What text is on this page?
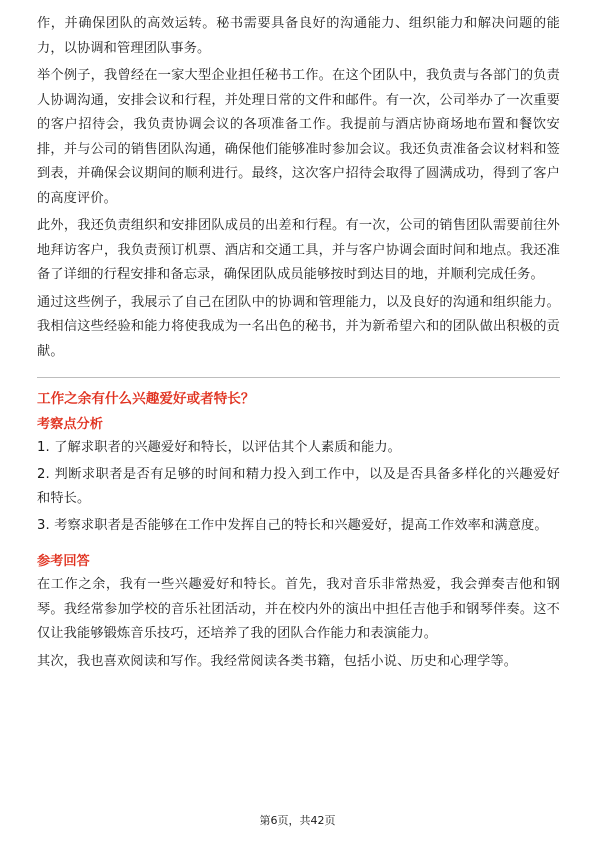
作，并确保团队的高效运转。秘书需要具备良好的沟通能力、组织能力和解决问题的能力，以协调和管理团队事务。

举个例子，我曾经在一家大型企业担任秘书工作。在这个团队中，我负责与各部门的负责人协调沟通，安排会议和行程，并处理日常的文件和邮件。有一次，公司举办了一次重要的客户招待会，我负责协调会议的各项准备工作。我提前与酒店协商场地布置和餐饮安排，并与公司的销售团队沟通，确保他们能够准时参加会议。我还负责准备会议材料和签到表，并确保会议期间的顺利进行。最终，这次客户招待会取得了圆满成功，得到了客户的高度评价。

此外，我还负责组织和安排团队成员的出差和行程。有一次，公司的销售团队需要前往外地拜访客户，我负责预订机票、酒店和交通工具，并与客户协调会面时间和地点。我还准备了详细的行程安排和备忘录，确保团队成员能够按时到达目的地，并顺利完成任务。

通过这些例子，我展示了自己在团队中的协调和管理能力，以及良好的沟通和组织能力。我相信这些经验和能力将使我成为一名出色的秘书，并为新希望六和的团队做出积极的贡献。

工作之余有什么兴趣爱好或者特长？
考察点分析
1. 了解求职者的兴趣爱好和特长，以评估其个人素质和能力。
2. 判断求职者是否有足够的时间和精力投入到工作中，以及是否具备多样化的兴趣爱好和特长。
3. 考察求职者是否能够在工作中发挥自己的特长和兴趣爱好，提高工作效率和满意度。
参考回答

在工作之余，我有一些兴趣爱好和特长。首先，我对音乐非常热爱，我会弹奏吉他和钢琴。我经常参加学校的音乐社团活动，并在校内外的演出中担任吉他手和钢琴伴奏。这不仅让我能够锻炼音乐技巧，还培养了我的团队合作能力和表演能力。

其次，我也喜欢阅读和写作。我经常阅读各类书籍，包括小说、历史和心理学等。

第6页，共42页
